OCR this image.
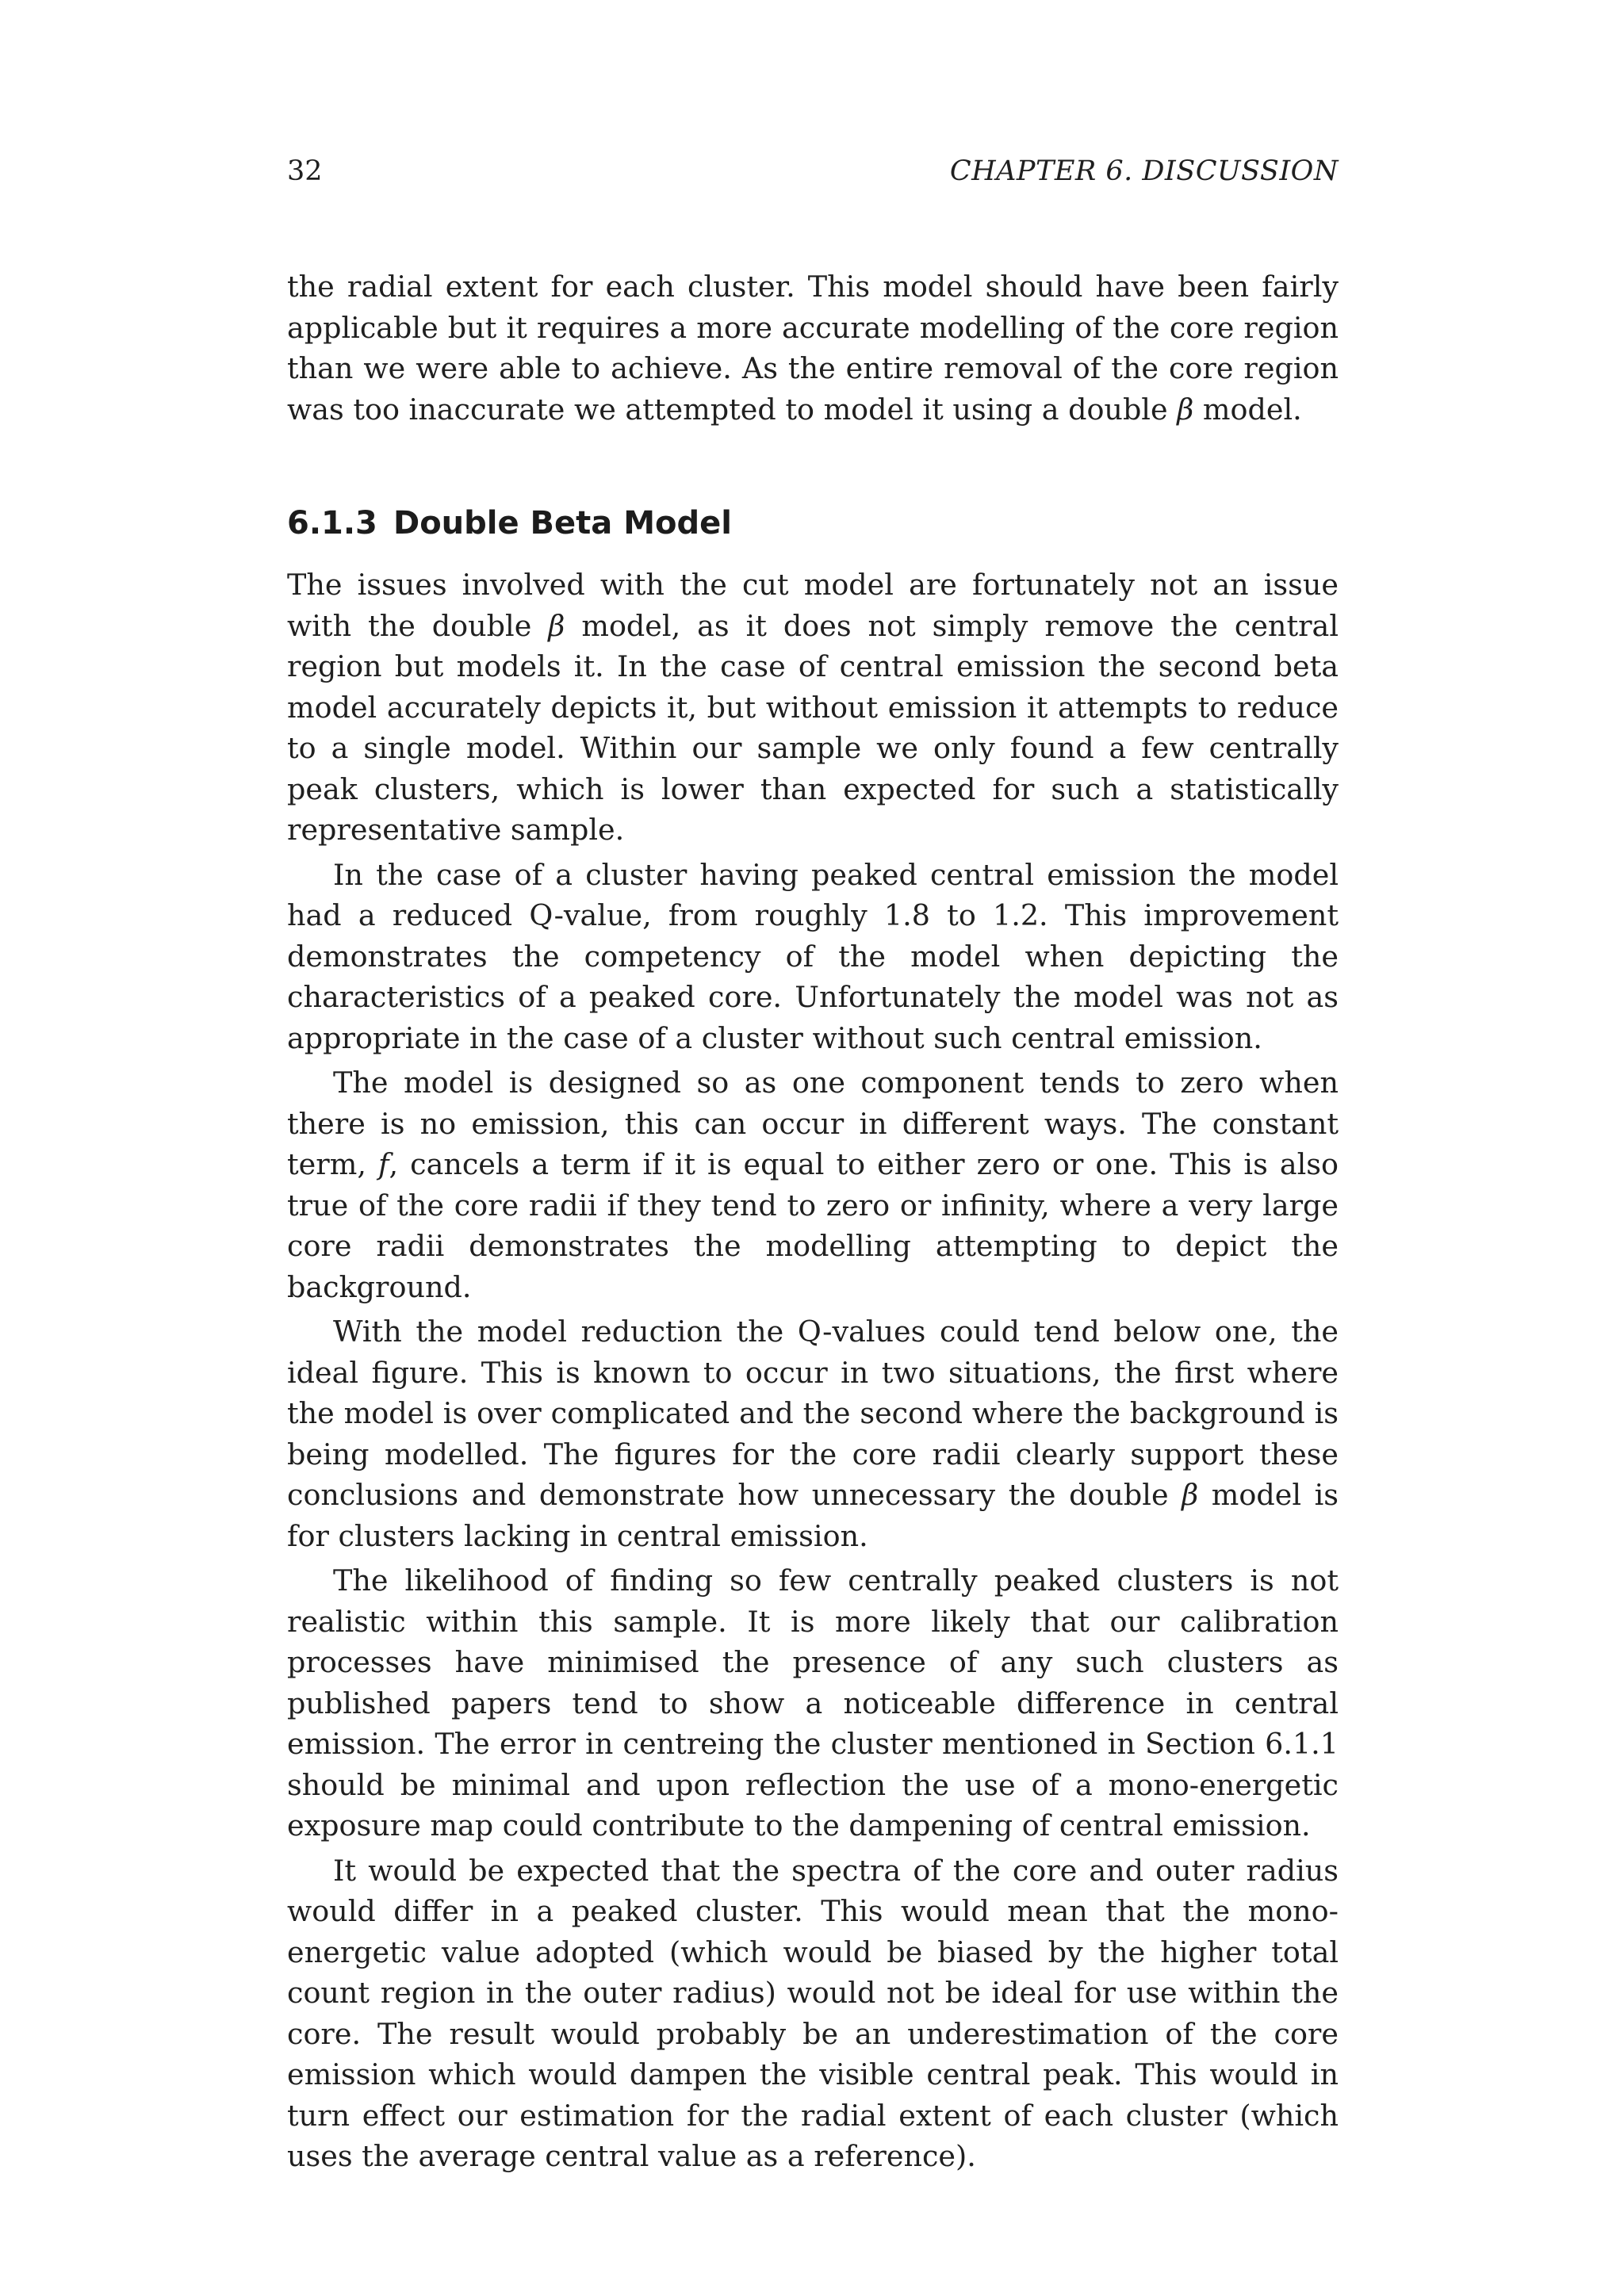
32	CHAPTER 6. DISCUSSION

the radial extent for each cluster. This model should have been fairly applicable but it requires a more accurate modelling of the core region than we were able to achieve. As the entire removal of the core region was too inaccurate we attempted to model it using a double β model.

6.1.3 Double Beta Model

The issues involved with the cut model are fortunately not an issue with the double β model, as it does not simply remove the central region but models it. In the case of central emission the second beta model accurately depicts it, but without emission it attempts to reduce to a single model. Within our sample we only found a few centrally peak clusters, which is lower than expected for such a statistically representative sample.

In the case of a cluster having peaked central emission the model had a reduced Q-value, from roughly 1.8 to 1.2. This improvement demonstrates the competency of the model when depicting the characteristics of a peaked core. Unfortunately the model was not as appropriate in the case of a cluster without such central emission.

The model is designed so as one component tends to zero when there is no emission, this can occur in different ways. The constant term, f, cancels a term if it is equal to either zero or one. This is also true of the core radii if they tend to zero or infinity, where a very large core radii demonstrates the modelling attempting to depict the background.

With the model reduction the Q-values could tend below one, the ideal figure. This is known to occur in two situations, the first where the model is over complicated and the second where the background is being modelled. The figures for the core radii clearly support these conclusions and demonstrate how unnecessary the double β model is for clusters lacking in central emission.

The likelihood of finding so few centrally peaked clusters is not realistic within this sample. It is more likely that our calibration processes have minimised the presence of any such clusters as published papers tend to show a noticeable difference in central emission. The error in centreing the cluster mentioned in Section 6.1.1 should be minimal and upon reflection the use of a mono-energetic exposure map could contribute to the dampening of central emission.

It would be expected that the spectra of the core and outer radius would differ in a peaked cluster. This would mean that the mono-energetic value adopted (which would be biased by the higher total count region in the outer radius) would not be ideal for use within the core. The result would probably be an underestimation of the core emission which would dampen the visible central peak. This would in turn effect our estimation for the radial extent of each cluster (which uses the average central value as a reference).
